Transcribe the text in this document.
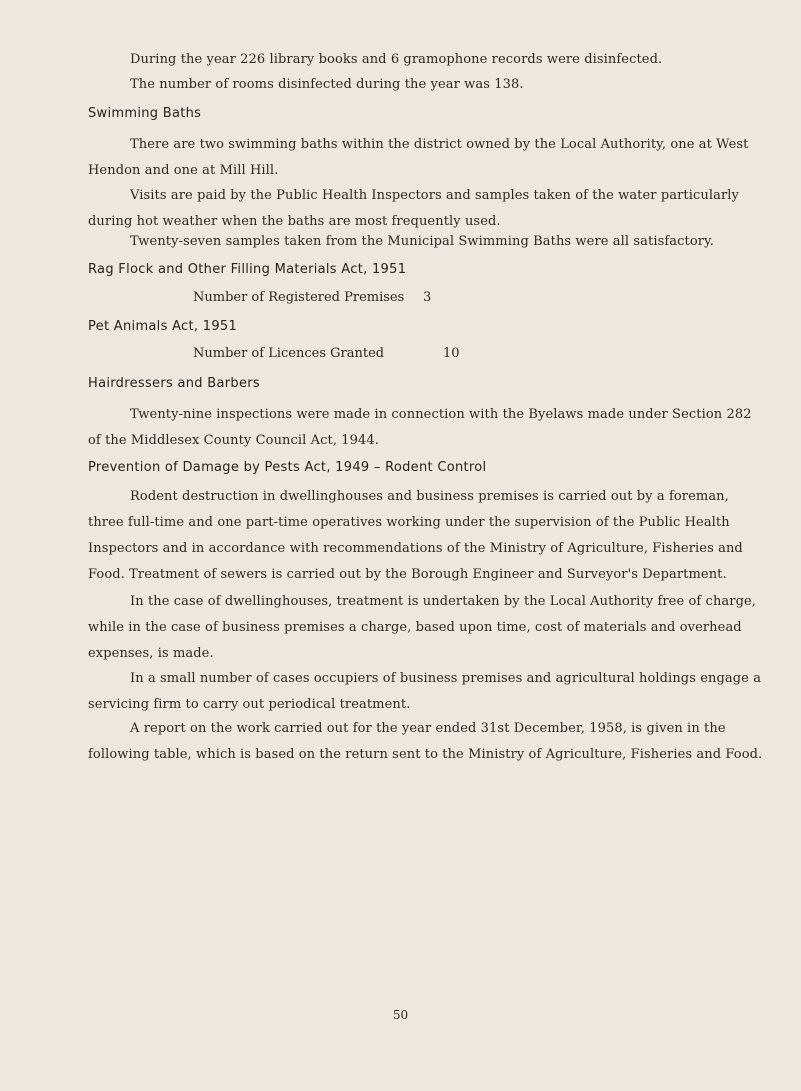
During the year 226 library books and 6 gramophone records were disinfected.
The number of rooms disinfected during the year was 138.
Swimming Baths
There are two swimming baths within the district owned by the Local Authority, one at West Hendon and one at Mill Hill.
Visits are paid by the Public Health Inspectors and samples taken of the water particularly during hot weather when the baths are most frequently used.
Twenty-seven samples taken from the Municipal Swimming Baths were all satisfactory.
Rag Flock and Other Filling Materials Act, 1951
Number of Registered Premises 3
Pet Animals Act, 1951
Number of Licences Granted	10
Hairdressers and Barbers
Twenty-nine inspections were made in connection with the Byelaws made under Section 282 of the Middlesex County Council Act, 1944.
Prevention of Damage by Pests Act, 1949 – Rodent Control
Rodent destruction in dwellinghouses and business premises is carried out by a foreman, three full-time and one part-time operatives working under the supervision of the Public Health Inspectors and in accordance with recommendations of the Ministry of Agriculture, Fisheries and Food. Treatment of sewers is carried out by the Borough Engineer and Surveyor's Department.
In the case of dwellinghouses, treatment is undertaken by the Local Authority free of charge, while in the case of business premises a charge, based upon time, cost of materials and overhead expenses, is made.
In a small number of cases occupiers of business premises and agricultural holdings engage a servicing firm to carry out periodical treatment.
A report on the work carried out for the year ended 31st December, 1958, is given in the following table, which is based on the return sent to the Ministry of Agriculture, Fisheries and Food.
50
